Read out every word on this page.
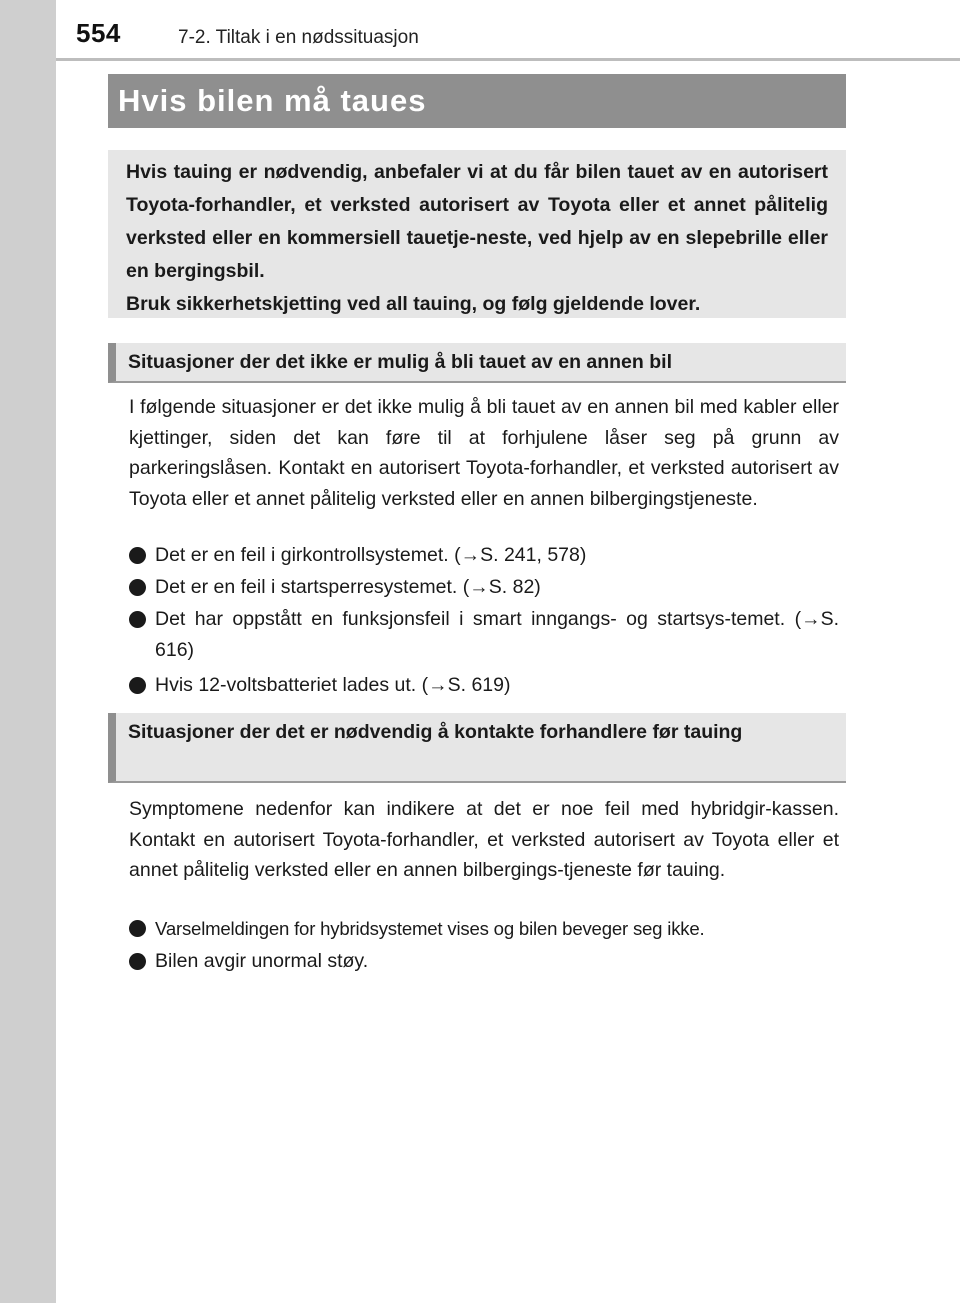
554	7-2. Tiltak i en nødssituasjon
Hvis bilen må taues

Hvis tauing er nødvendig, anbefaler vi at du får bilen tauet av en autorisert Toyota-forhandler, et verksted autorisert av Toyota eller et annet pålitelig verksted eller en kommersiell tauetje-neste, ved hjelp av en slepebrille eller en bergingsbil.

Bruk sikkerhetskjetting ved all tauing, og følg gjeldende lover.

Situasjoner der det ikke er mulig å bli tauet av en annen bil

I følgende situasjoner er det ikke mulig å bli tauet av en annen bil med kabler eller kjettinger, siden det kan føre til at forhjulene låser seg på grunn av parkeringslåsen. Kontakt en autorisert Toyota-forhandler, et verksted autorisert av Toyota eller et annet pålitelig verksted eller en annen bilbergingstjeneste.

Det er en feil i girkontrollsystemet. (→S. 241, 578)
Det er en feil i startsperresystemet. (→S. 82)
Det har oppstått en funksjonsfeil i smart inngangs- og startsys-temet. (→S. 616)
Hvis 12-voltsbatteriet lades ut. (→S. 619)
Situasjoner der det er nødvendig å kontakte forhandlere før tauing

Symptomene nedenfor kan indikere at det er noe feil med hybridgir-kassen. Kontakt en autorisert Toyota-forhandler, et verksted autorisert av Toyota eller et annet pålitelig verksted eller en annen bilbergings-tjeneste før tauing.

Varselmeldingen for hybridsystemet vises og bilen beveger seg ikke.
Bilen avgir unormal støy.
